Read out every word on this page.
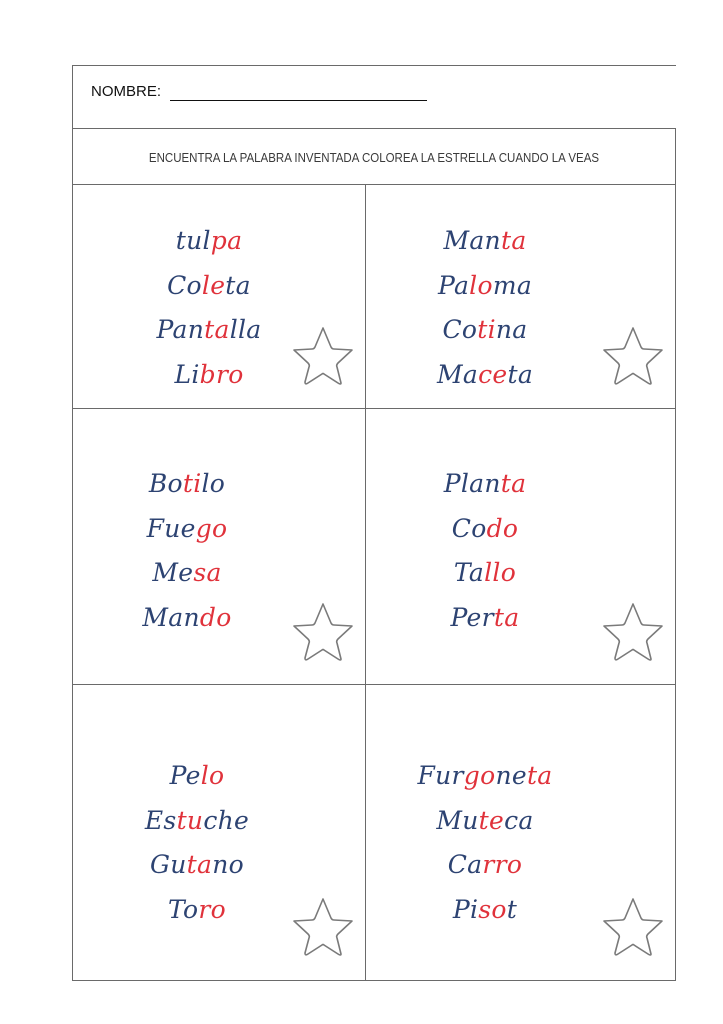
NOMBRE:
ENCUENTRA LA PALABRA INVENTADA COLOREA LA ESTRELLA CUANDO LA VEAS
tulpa
Coleta
Pantalla
Libro
Manta
Paloma
Cotina
Maceta
Botilo
Fuego
Mesa
Mando
Planta
Codo
Tallo
Perta
Pelo
Estuche
Gutano
Toro
Furgoneta
Muteca
Carro
Pisot
